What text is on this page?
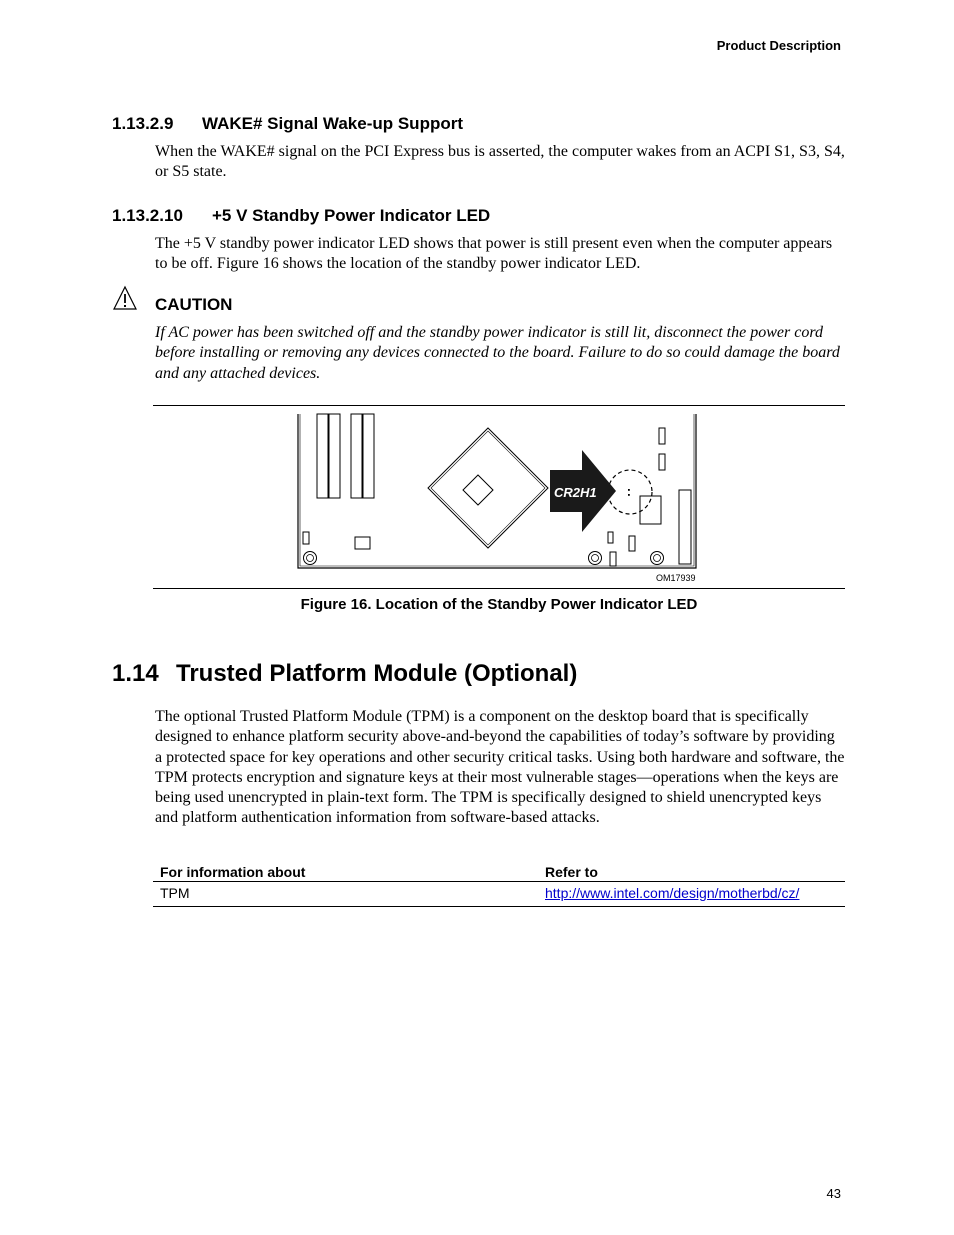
Product Description
1.13.2.9 WAKE# Signal Wake-up Support
When the WAKE# signal on the PCI Express bus is asserted, the computer wakes from an ACPI S1, S3, S4, or S5 state.
1.13.2.10 +5 V Standby Power Indicator LED
The +5 V standby power indicator LED shows that power is still present even when the computer appears to be off. Figure 16 shows the location of the standby power indicator LED.
CAUTION
If AC power has been switched off and the standby power indicator is still lit, disconnect the power cord before installing or removing any devices connected to the board. Failure to do so could damage the board and any attached devices.
CR2H1
OM17939
Figure 16. Location of the Standby Power Indicator LED
1.14 Trusted Platform Module (Optional)
The optional Trusted Platform Module (TPM) is a component on the desktop board that is specifically designed to enhance platform security above-and-beyond the capabilities of today’s software by providing a protected space for key operations and other security critical tasks. Using both hardware and software, the TPM protects encryption and signature keys at their most vulnerable stages—operations when the keys are being used unencrypted in plain-text form. The TPM is specifically designed to shield unencrypted keys and platform authentication information from software-based attacks.
For information about	Refer to
TPM	http://www.intel.com/design/motherbd/cz/
43
